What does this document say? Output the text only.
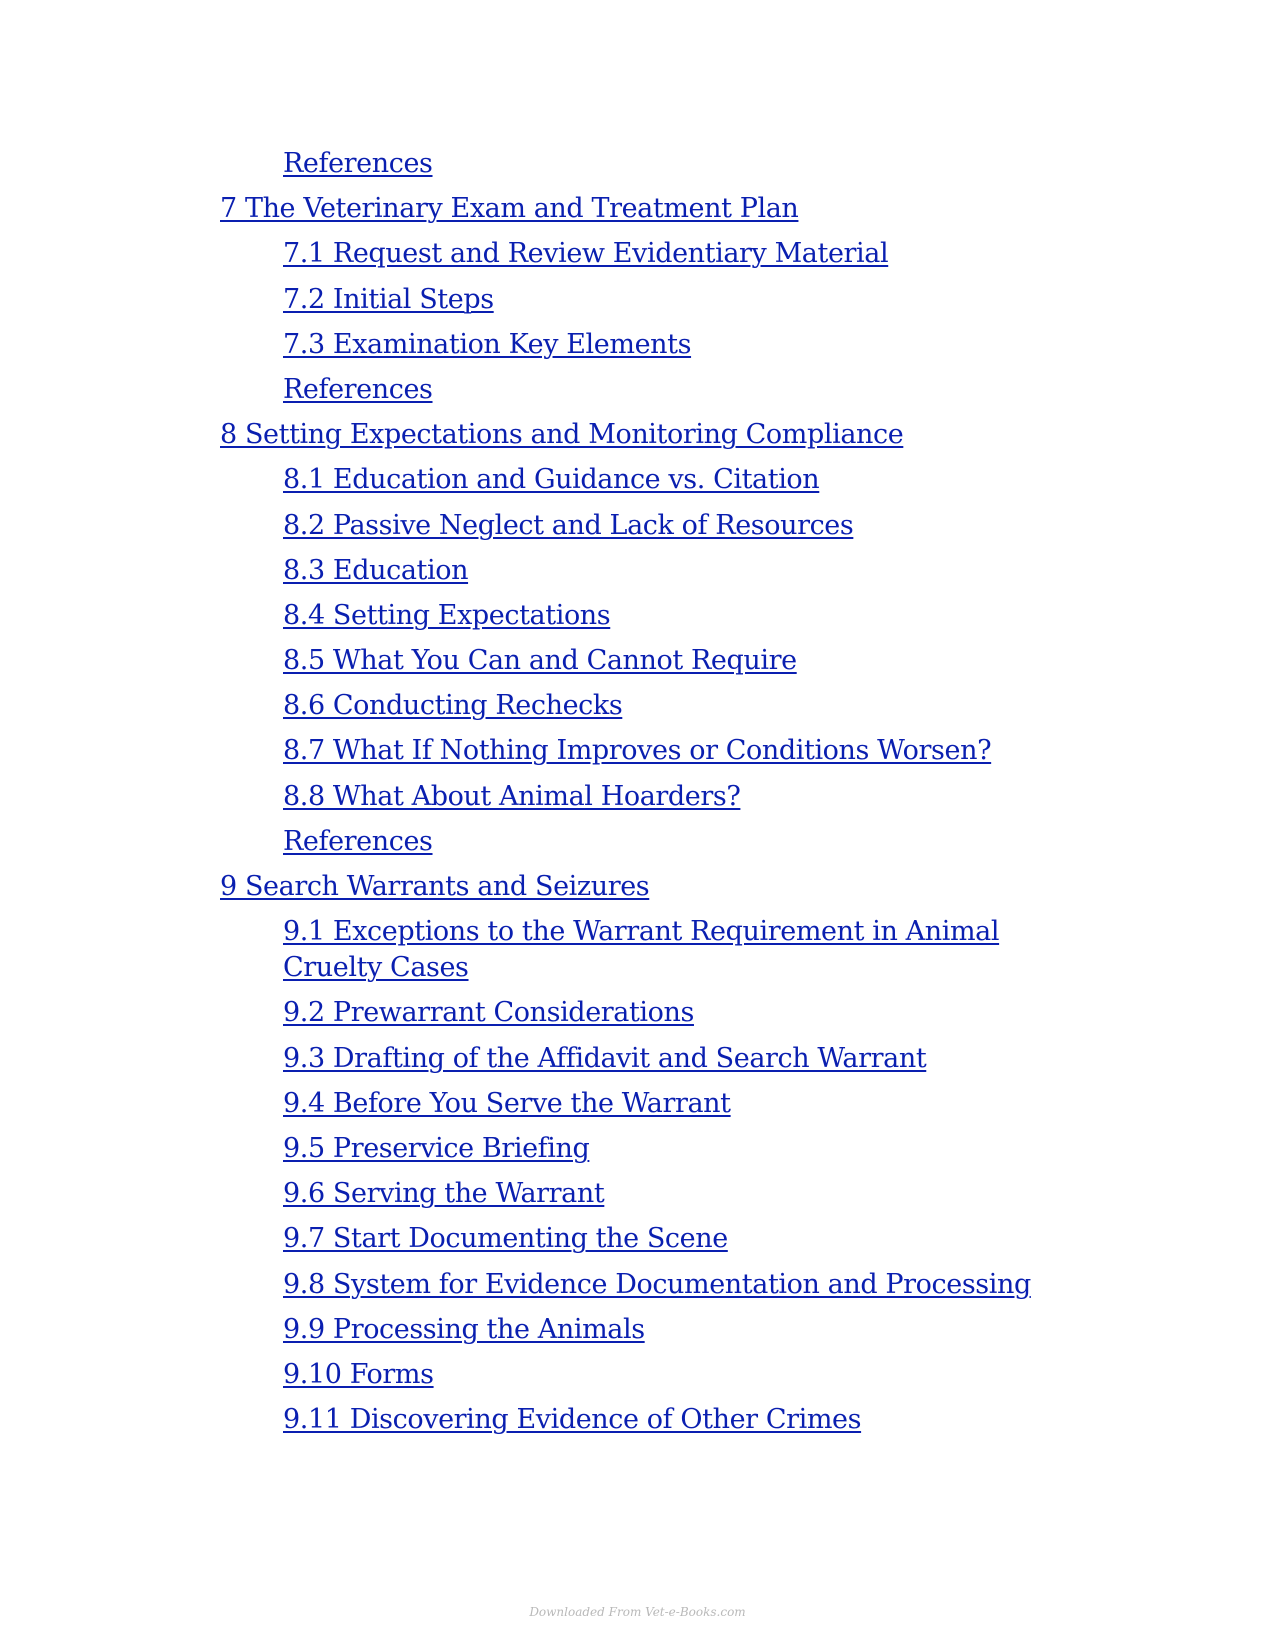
References
7 The Veterinary Exam and Treatment Plan
7.1 Request and Review Evidentiary Material
7.2 Initial Steps
7.3 Examination Key Elements
References
8 Setting Expectations and Monitoring Compliance
8.1 Education and Guidance vs. Citation
8.2 Passive Neglect and Lack of Resources
8.3 Education
8.4 Setting Expectations
8.5 What You Can and Cannot Require
8.6 Conducting Rechecks
8.7 What If Nothing Improves or Conditions Worsen?
8.8 What About Animal Hoarders?
References
9 Search Warrants and Seizures
9.1 Exceptions to the Warrant Requirement in Animal Cruelty Cases
9.2 Prewarrant Considerations
9.3 Drafting of the Affidavit and Search Warrant
9.4 Before You Serve the Warrant
9.5 Preservice Briefing
9.6 Serving the Warrant
9.7 Start Documenting the Scene
9.8 System for Evidence Documentation and Processing
9.9 Processing the Animals
9.10 Forms
9.11 Discovering Evidence of Other Crimes
Downloaded From Vet-e-Books.com
